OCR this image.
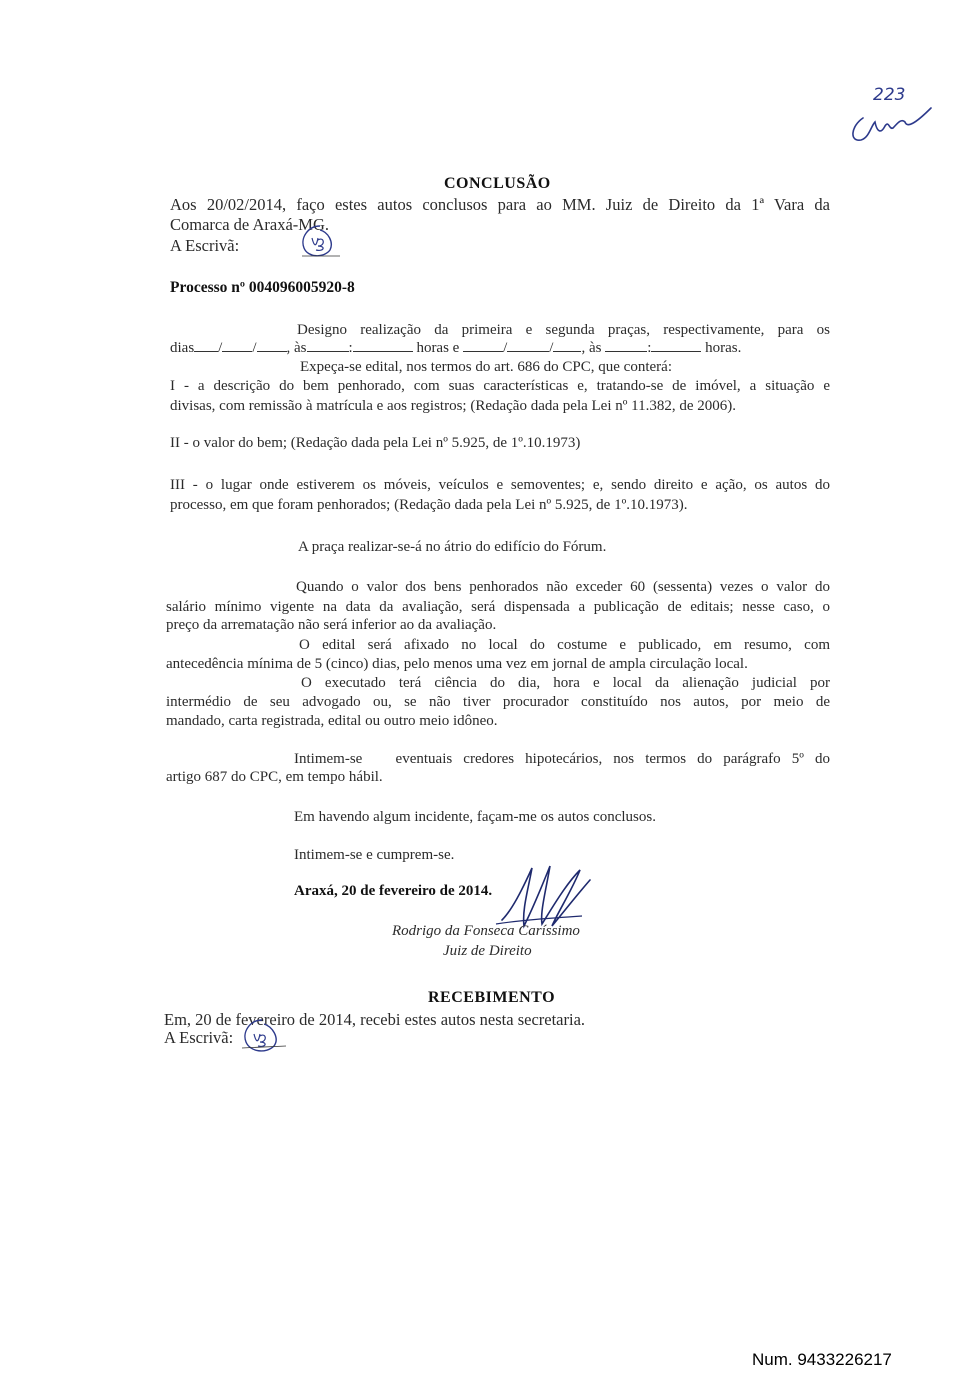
223
CONCLUSÃO
Aos 20/02/2014, faço estes autos conclusos para ao MM. Juiz de Direito da 1ª Vara da
Comarca de Araxá-MG.
A Escrivã:
Processo nº 004096005920-8
Designo realização da primeira e segunda praças, respectivamente, para os
dias / / , às	:	horas e	/	/ , às	:	horas.
Expeça-se edital, nos termos do art. 686 do CPC, que conterá:
I - a descrição do bem penhorado, com suas características e, tratando-se de imóvel, a situação e
divisas, com remissão à matrícula e aos registros; (Redação dada pela Lei nº 11.382, de 2006).
II - o valor do bem; (Redação dada pela Lei nº 5.925, de 1º.10.1973)
III - o lugar onde estiverem os móveis, veículos e semoventes; e, sendo direito e ação, os autos do
processo, em que foram penhorados; (Redação dada pela Lei nº 5.925, de 1º.10.1973).
A praça realizar-se-á no átrio do edifício do Fórum.
Quando o valor dos bens penhorados não exceder 60 (sessenta) vezes o valor do
salário mínimo vigente na data da avaliação, será dispensada a publicação de editais; nesse caso, o
preço da arrematação não será inferior ao da avaliação.
O edital será afixado no local do costume e publicado, em resumo, com
antecedência mínima de 5 (cinco) dias, pelo menos uma vez em jornal de ampla circulação local.
O executado terá ciência do dia, hora e local da alienação judicial por
intermédio de seu advogado ou, se não tiver procurador constituído nos autos, por meio de
mandado, carta registrada, edital ou outro meio idôneo.
Intimem-se   eventuais credores hipotecários, nos termos do parágrafo 5º do
artigo 687 do CPC, em tempo hábil.
Em havendo algum incidente, façam-me os autos conclusos.
Intimem-se e cumprem-se.
Araxá, 20 de fevereiro de 2014.
Rodrigo da Fonseca Caríssimo
Juiz de Direito
RECEBIMENTO
Em, 20 de fevereiro de 2014, recebi estes autos nesta secretaria.
A Escrivã:
Num. 9433226217
